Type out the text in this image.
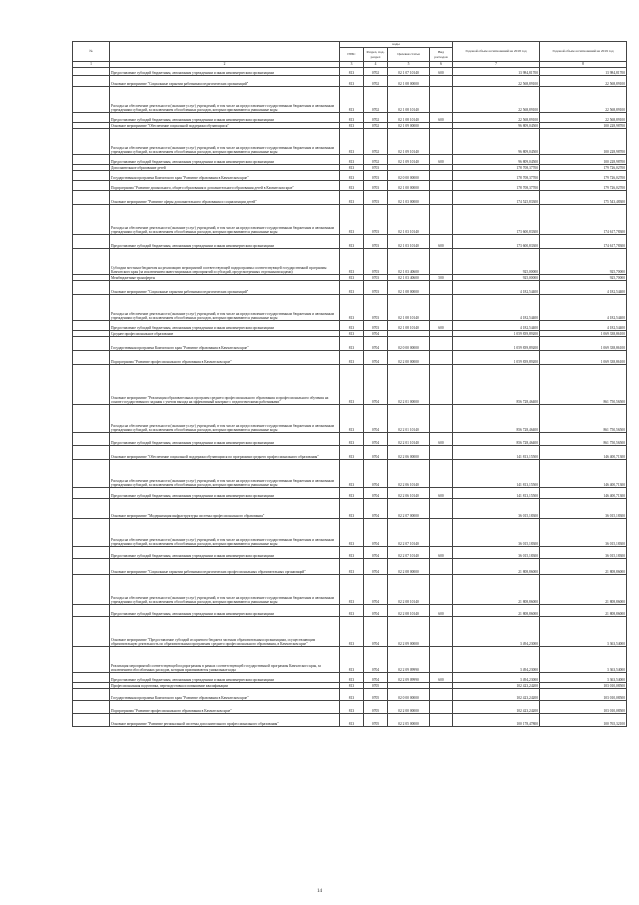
№		коды				Годовой объем ассигнований на 2018 год	Годовой объем ассигнований на 2019 год
		ГРБС	Раздел, под-раздел	Целевая статья	Вид расходов		
1	2	3	4	5	6	7	8
	Предоставление субсидий бюджетным, автономным учреждениям и иным некоммерческим организациям	813	0702	02 1 07 10140	600	13 984,81700	13 984,81700
	Основное мероприятие "Социальные гарантии работникам педагогических организаций"	813	0702	02 1 08 00000		22 568,89100	22 568,89100
	Расходы на обеспечение деятельности (оказание услуг) учреждений, в том числе на предоставление государственным бюджетным и автономным учреждениям субсидий, за исключением обособленных расходов, которым присваиваются уникальные коды	813	0702	02 1 08 10140		22 568,89100	22 568,89100
	Предоставление субсидий бюджетным, автономным учреждениям и иным некоммерческим организациям	813	0702	02 1 08 10140	600	22 568,89100	22 568,89100
	Основное мероприятие "Обеспечение социальной поддержки обучающихся"	813	0702	02 1 09 00000		96 809,04500	100 228,98700
	Расходы на обеспечение деятельности (оказание услуг) учреждений, в том числе на предоставление государственным бюджетным и автономным учреждениям субсидий, за исключением обособленных расходов, которым присваиваются уникальные коды	813	0702	02 1 09 10140		96 809,04500	100 228,98700
	Предоставление субсидий бюджетным, автономным учреждениям и иным некоммерческим организациям	813	0702	02 1 09 10140	600	96 809,04500	100 228,98700
	Дополнительное образование детей	813	0703			178 708,37700	179 726,02700
	Государственная программа Камчатского края "Развитие образования в Камчатском крае"	813	0703	02 0 00 00000		178 708,37700	179 726,02700
	Подпрограмма "Развитие дошкольного, общего образования и дополнительного образования детей в Камчатском крае"	813	0703	02 1 00 00000		178 708,37700	179 726,02700
	Основное мероприятие "Развитие сферы дополнительного образования и социализации детей"	813	0703	02 1 03 00000		174 525,83300	175 543,48300
	Расходы на обеспечение деятельности (оказание услуг) учреждений, в том числе на предоставление государственным бюджетным и автономным учреждениям субсидий, за исключением обособленных расходов, которым присваиваются уникальные коды	813	0703	02 1 03 10140		173 600,83300	174 617,78300
	Предоставление субсидий бюджетным, автономным учреждениям и иным некоммерческим организациям	813	0703	02 1 03 10140	600	173 600,83300	174 617,78300
	Субсидии местным бюджетам на реализацию мероприятий соответствующей подпрограммы соответствующей государственной программы Камчатского края (за исключением инвестиционных мероприятий и субсидий, предусмотренных отдельными кодами)	813	0703	02 1 03 40600		925,00000	925,70000
	Межбюджетные трансферты	813	0703	02 1 03 40600	500	925,00000	925,70000
	Основное мероприятие "Социальные гарантии работникам педагогических организаций"	813	0703	02 1 08 00000		4 182,54400	4 182,54400
	Расходы на обеспечение деятельности (оказание услуг) учреждений, в том числе на предоставление государственным бюджетным и автономным учреждениям субсидий, за исключением обособленных расходов, которым присваиваются уникальные коды	813	0703	02 1 08 10140		4 182,54400	4 182,54400
	Предоставление субсидий бюджетным, автономным учреждениям и иным некоммерческим организациям	813	0703	02 1 08 10140	600	4 182,54400	4 182,54400
	Среднее профессиональное образование	813	0704			1 059 839,89200	1 069 338,86100
	Государственная программа Камчатского края "Развитие образования в Камчатском крае"	813	0704	02 0 00 00000		1 059 839,89200	1 069 338,86100
	Подпрограмма "Развитие профессионального образования в Камчатском крае"	813	0704	02 2 00 00000		1 059 839,89200	1 069 338,86100
	Основное мероприятие "Реализация образовательных программ среднего профессионального образования и профессионального обучения на основе государственного задания с учетом выхода на эффективный контракт с педагогическими работниками"	813	0704	02 2 01 00000		856 728,46400	861 750,56500
	Расходы на обеспечение деятельности (оказание услуг) учреждений, в том числе на предоставление государственным бюджетным и автономным учреждениям субсидий, за исключением обособленных расходов, которым присваиваются уникальные коды	813	0704	02 2 01 10140		856 728,46400	861 750,56500
	Предоставление субсидий бюджетным, автономным учреждениям и иным некоммерческим организациям	813	0704	02 2 01 10140	600	856 728,46400	861 750,56500
	Основное мероприятие "Обеспечение социальной поддержки обучающихся по программам среднего профессионального образования"	813	0704	02 2 06 00000		141 813,15500	146 400,71300
	Расходы на обеспечение деятельности (оказание услуг) учреждений, в том числе на предоставление государственным бюджетным и автономным учреждениям субсидий, за исключением обособленных расходов, которым присваиваются уникальные коды	813	0704	02 2 06 10140		141 813,15500	146 400,71300
	Предоставление субсидий бюджетным, автономным учреждениям и иным некоммерческим организациям	813	0704	02 2 06 10140	600	141 813,15500	146 400,71300
	Основное мероприятие "Модернизация инфраструктуры системы профессионального образования"	813	0704	02 2 07 00000		36 015,18300	36 015,18300
	Расходы на обеспечение деятельности (оказание услуг) учреждений, в том числе на предоставление государственным бюджетным и автономным учреждениям субсидий, за исключением обособленных расходов, которым присваиваются уникальные коды	813	0704	02 2 07 10140		36 015,18300	36 015,18300
	Предоставление субсидий бюджетным, автономным учреждениям и иным некоммерческим организациям	813	0704	02 2 07 10140	600	36 015,18300	36 015,18300
	Основное мероприятие "Социальные гарантии работникам педагогических профессиональных образовательных организаций"	813	0704	02 2 08 00000		21 808,86000	21 808,86000
	Расходы на обеспечение деятельности (оказание услуг) учреждений, в том числе на предоставление государственным бюджетным и автономным учреждениям субсидий, за исключением обособленных расходов, которым присваиваются уникальные коды	813	0704	02 2 08 10140		21 808,86000	21 808,86000
	Предоставление субсидий бюджетным, автономным учреждениям и иным некоммерческим организациям	813	0704	02 2 08 10140	600	21 808,86000	21 808,86000
	Основное мероприятие "Предоставление субсидий из краевого бюджета частным образовательным организациям, осуществляющим образовательную деятельность по образовательным программам среднего профессионального образования, в Камчатском крае"	813	0704	02 2 09 00000		3 494,23000	3 363,54000
	Реализация мероприятий соответствующей подпрограммы в рамках соответствующей государственной программы Камчатского края, за исключением обособленных расходов, которым присваиваются уникальные коды	813	0704	02 2 09 09990		3 494,23000	3 363,54000
	Предоставление субсидий бюджетным, автономным учреждениям и иным некоммерческим организациям	813	0704	02 2 09 09990	600	3 494,23000	3 363,54000
	Профессиональная подготовка, переподготовка и повышение квалификации	813	0705			102 423,24200	103 010,08500
	Государственная программа Камчатского края "Развитие образования в Камчатском крае"	813	0705	02 0 00 00000		102 423,24200	103 010,08500
	Подпрограмма "Развитие профессионального образования в Камчатском крае"	813	0705	02 2 00 00000		102 423,24200	103 010,08500
	Основное мероприятие "Развитие региональной системы дополнительного профессионального образования"	813	0705	02 2 05 00000		100 178,47800	100 765,32100
14
